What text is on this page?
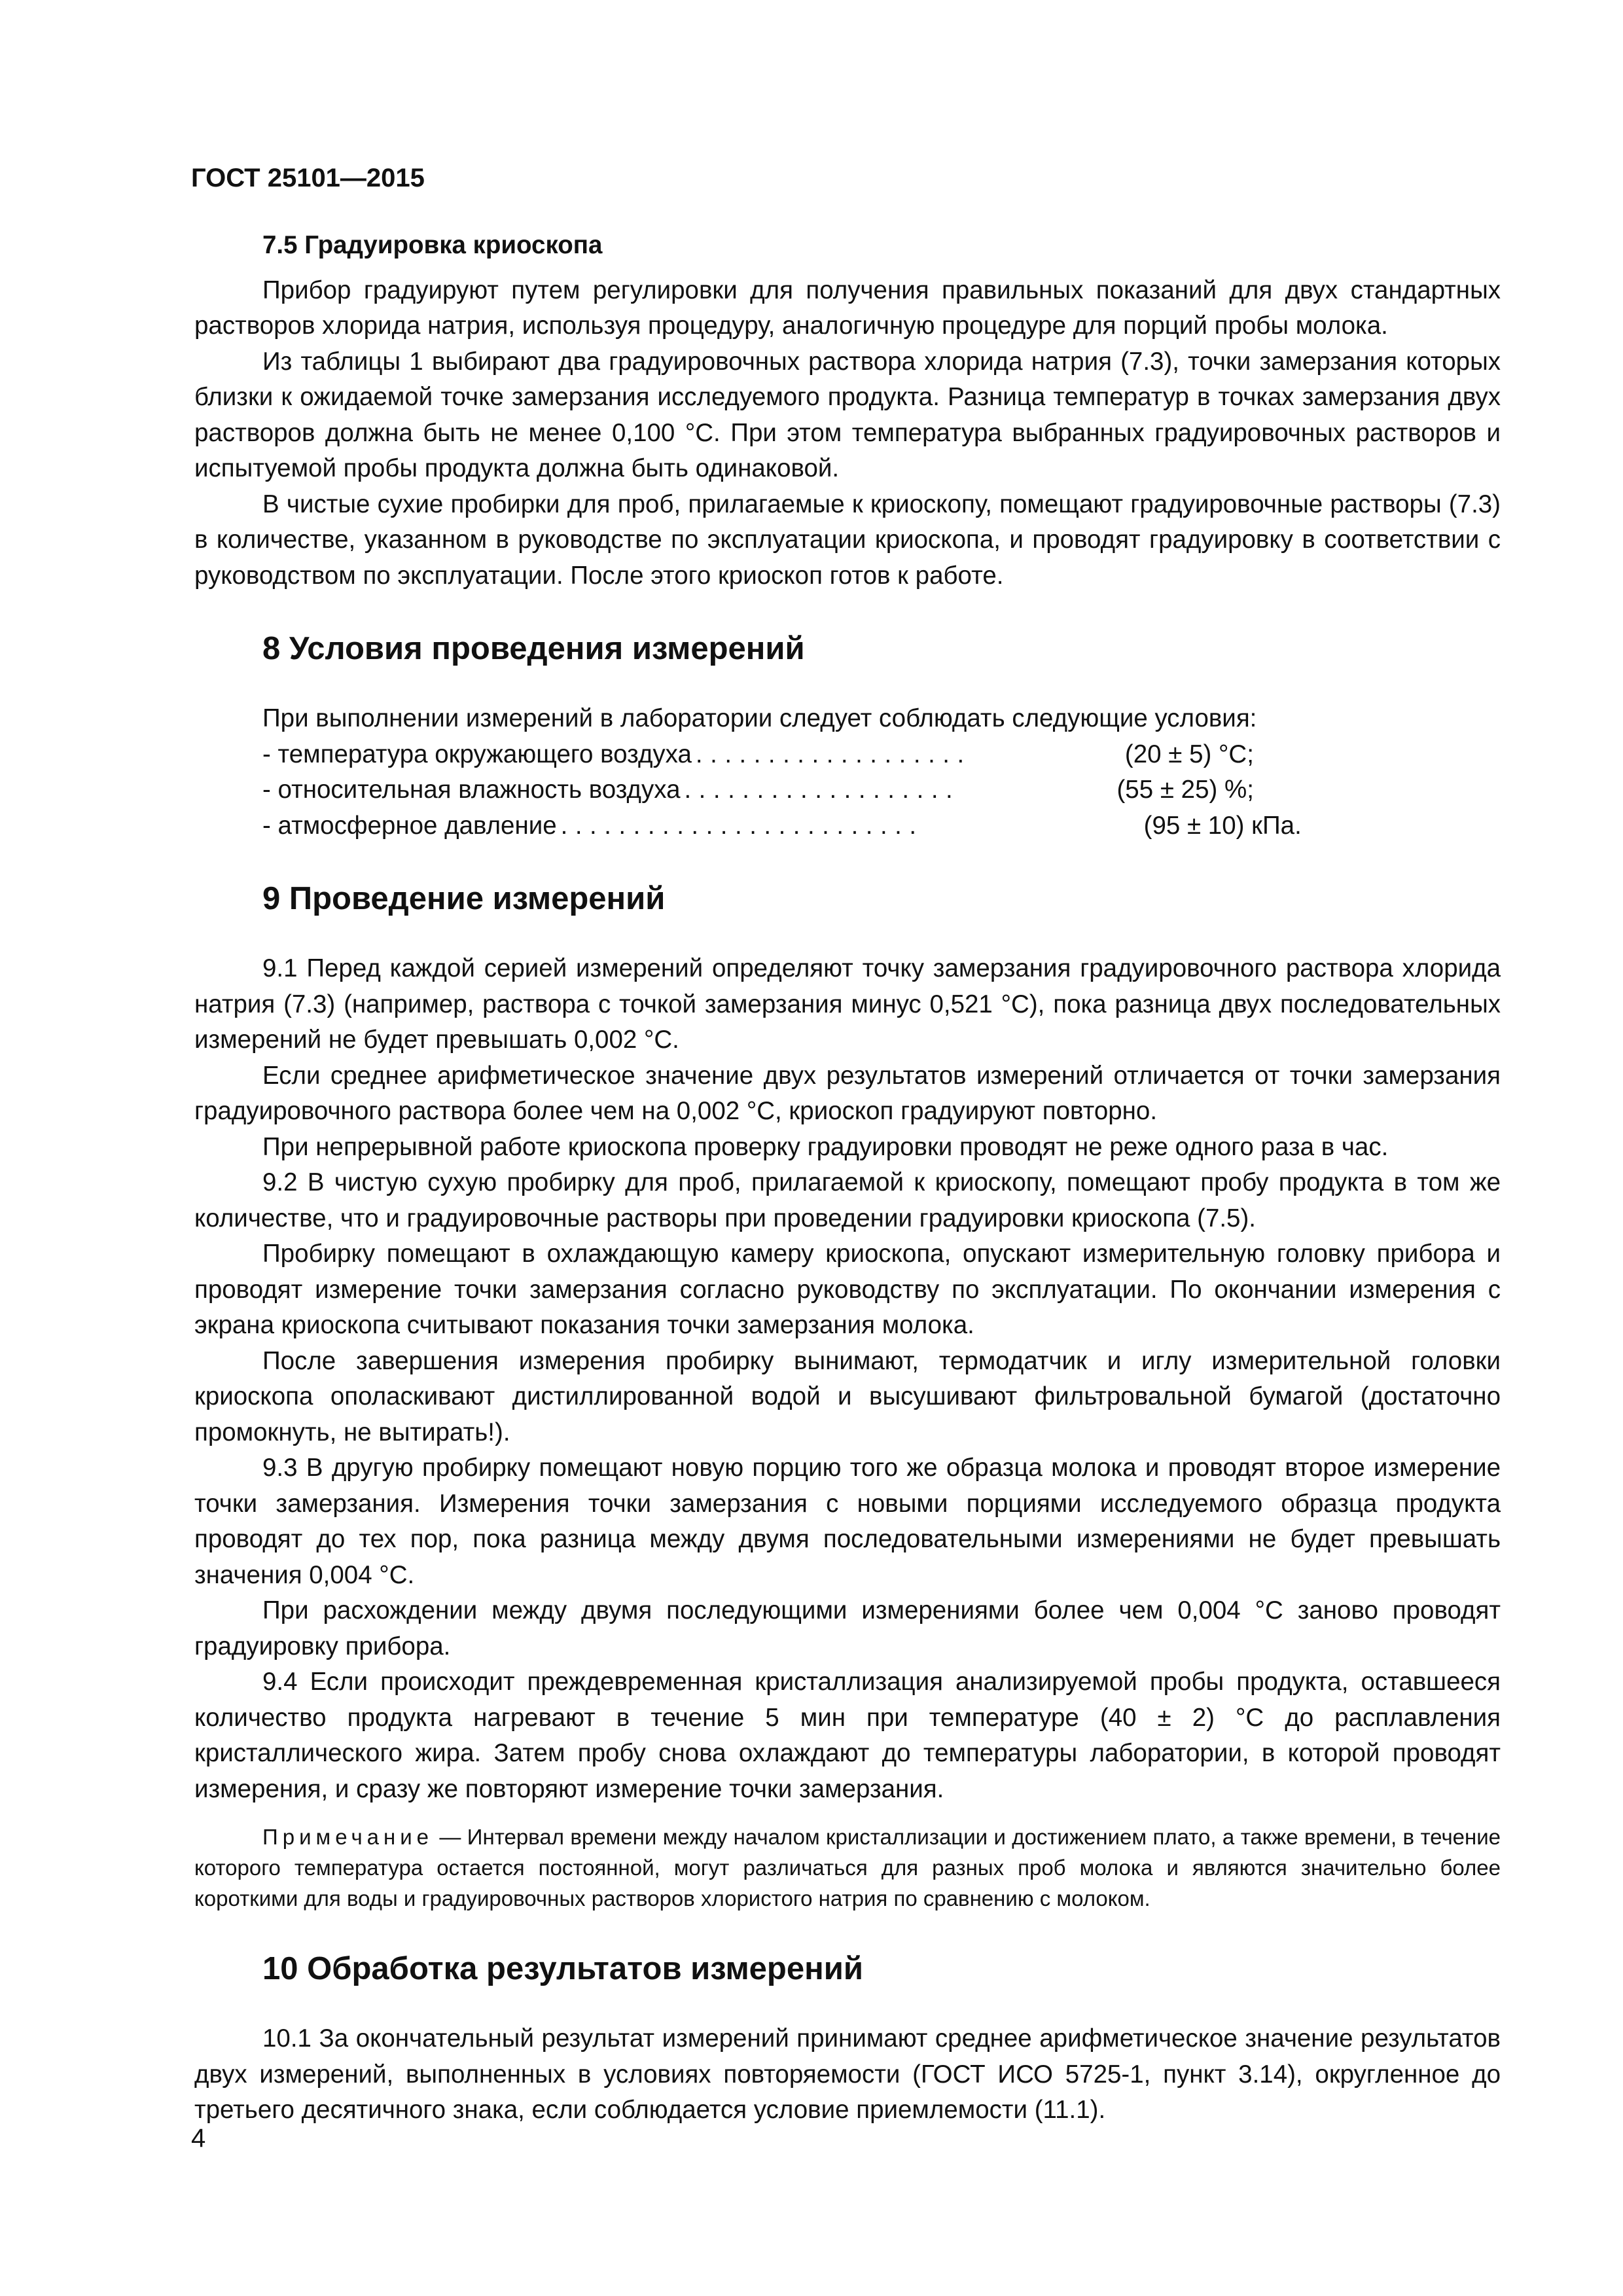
ГОСТ 25101—2015
7.5 Градуировка криоскопа

Прибор градуируют путем регулировки для получения правильных показаний для двух стандартных растворов хлорида натрия, используя процедуру, аналогичную процедуре для порций пробы молока.

Из таблицы 1 выбирают два градуировочных раствора хлорида натрия (7.3), точки замерзания которых близки к ожидаемой точке замерзания исследуемого продукта. Разница температур в точках замерзания двух растворов должна быть не менее 0,100 °С. При этом температура выбранных градуировочных растворов и испытуемой пробы продукта должна быть одинаковой.

В чистые сухие пробирки для проб, прилагаемые к криоскопу, помещают градуировочные растворы (7.3) в количестве, указанном в руководстве по эксплуатации криоскопа, и проводят градуировку в соответствии с руководством по эксплуатации. После этого криоскоп готов к работе.

8 Условия проведения измерений

При выполнении измерений в лаборатории следует соблюдать следующие условия:

- температура окружающего воздуха ...................	(20 ± 5) °С;
- относительная влажность воздуха ...................	(55 ± 25) %;
- атмосферное давление .........................	(95 ± 10) кПа.
9 Проведение измерений

9.1 Перед каждой серией измерений определяют точку замерзания градуировочного раствора хлорида натрия (7.3) (например, раствора с точкой замерзания минус 0,521 °С), пока разница двух последовательных измерений не будет превышать 0,002 °С.

Если среднее арифметическое значение двух результатов измерений отличается от точки замерзания градуировочного раствора более чем на 0,002 °С, криоскоп градуируют повторно.

При непрерывной работе криоскопа проверку градуировки проводят не реже одного раза в час.

9.2 В чистую сухую пробирку для проб, прилагаемой к криоскопу, помещают пробу продукта в том же количестве, что и градуировочные растворы при проведении градуировки криоскопа (7.5).

Пробирку помещают в охлаждающую камеру криоскопа, опускают измерительную головку прибора и проводят измерение точки замерзания согласно руководству по эксплуатации. По окончании измерения с экрана криоскопа считывают показания точки замерзания молока.

После завершения измерения пробирку вынимают, термодатчик и иглу измерительной головки криоскопа ополаскивают дистиллированной водой и высушивают фильтровальной бумагой (достаточно промокнуть, не вытирать!).

9.3 В другую пробирку помещают новую порцию того же образца молока и проводят второе измерение точки замерзания. Измерения точки замерзания с новыми порциями исследуемого образца продукта проводят до тех пор, пока разница между двумя последовательными измерениями не будет превышать значения 0,004 °С.

При расхождении между двумя последующими измерениями более чем 0,004 °С заново проводят градуировку прибора.

9.4 Если происходит преждевременная кристаллизация анализируемой пробы продукта, оставшееся количество продукта нагревают в течение 5 мин при температуре (40 ± 2) °С до расплавления кристаллического жира. Затем пробу снова охлаждают до температуры лаборатории, в которой проводят измерения, и сразу же повторяют измерение точки замерзания.

Примечание — Интервал времени между началом кристаллизации и достижением плато, а также времени, в течение которого температура остается постоянной, могут различаться для разных проб молока и являются значительно более короткими для воды и градуировочных растворов хлористого натрия по сравнению с молоком.

10 Обработка результатов измерений

10.1 За окончательный результат измерений принимают среднее арифметическое значение результатов двух измерений, выполненных в условиях повторяемости (ГОСТ ИСО 5725-1, пункт 3.14), округленное до третьего десятичного знака, если соблюдается условие приемлемости (11.1).

4
